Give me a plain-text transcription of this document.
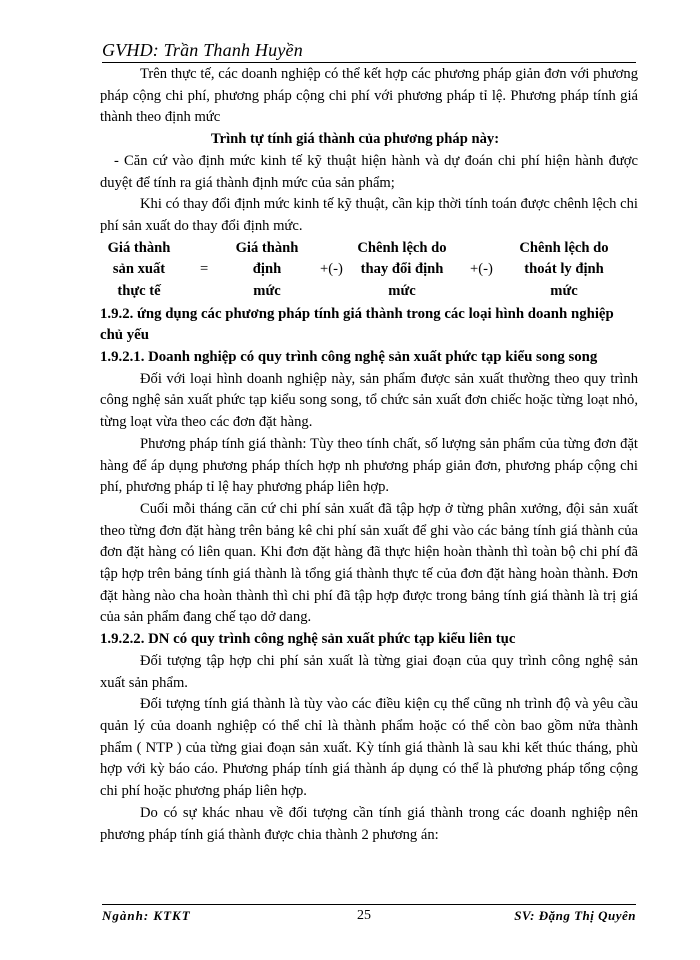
GVHD: Trần Thanh Huyền

Trên thực tế, các doanh nghiệp có thể kết hợp các phương pháp giản đơn với phương pháp cộng chi phí, phương pháp cộng chi phí với phương pháp tỉ lệ. Phương pháp tính giá thành theo định mức

Trình tự tính giá thành của phương pháp này:

- Căn cứ vào định mức kinh tế kỹ thuật hiện hành và dự đoán chi phí hiện hành được duyệt để tính ra giá thành định mức của sản phẩm;

Khi có thay đổi định mức kinh tế kỹ thuật, cần kịp thời tính toán được chênh lệch chi phí sản xuất do thay đổi định mức.

Giá thành
sản xuất
thực tế
=
Giá thành
định
mức
+(-)
Chênh lệch do
thay đổi định
mức
+(-)
Chênh lệch do
thoát ly định
mức

1.9.2. ứng dụng các phương pháp tính giá thành trong các loại hình doanh nghiệp chủ yếu

1.9.2.1. Doanh nghiệp có quy trình công nghệ sản xuất phức tạp kiểu song song

Đối với loại hình doanh nghiệp này, sản phẩm được sản xuất thường theo quy trình công nghệ sản xuất phức tạp kiểu song song, tổ chức sản xuất đơn chiếc hoặc từng loạt nhỏ, từng loạt vừa theo các đơn đặt hàng.

Phương pháp tính giá thành: Tùy theo tính chất, số lượng sản phẩm của từng đơn đặt hàng để áp dụng phương pháp thích hợp nh phương pháp giản đơn, phương pháp cộng chi phí, phương pháp tỉ lệ hay phương pháp liên hợp.

Cuối mỗi tháng căn cứ chi phí sản xuất đã tập hợp ở từng phân xưởng, đội sản xuất theo từng đơn đặt hàng trên bảng kê chi phí sản xuất để ghi vào các bảng tính giá thành của đơn đặt hàng có liên quan. Khi đơn đặt hàng đã thực hiện hoàn thành thì toàn bộ chi phí đã tập hợp trên bảng tính giá thành là tổng giá thành thực tế của đơn đặt hàng hoàn thành. Đơn đặt hàng nào cha hoàn thành thì chi phí đã tập hợp được trong bảng tính giá thành là trị giá của sản phẩm đang chế tạo dở dang.

1.9.2.2. DN có quy trình công nghệ sản xuất phức tạp kiểu liên tục

Đối tượng tập hợp chi phí sản xuất là từng giai đoạn của quy trình công nghệ sản xuất sản phẩm.

Đối tượng tính giá thành là tùy vào các điều kiện cụ thể cũng nh trình độ và yêu cầu quản lý của doanh nghiệp có thể chỉ là thành phẩm hoặc có thể còn bao gồm nửa thành phẩm ( NTP ) của từng giai đoạn sản xuất. Kỳ tính giá thành là sau khi kết thúc tháng, phù hợp với kỳ báo cáo. Phương pháp tính giá thành áp dụng có thể là phương pháp tổng cộng chi phí hoặc phương pháp liên hợp.

Do có sự khác nhau về đối tượng cần tính giá thành trong các doanh nghiệp nên phương pháp tính giá thành được chia thành 2 phương án:

Ngành: KTKT	25	SV: Đặng Thị Quyên
